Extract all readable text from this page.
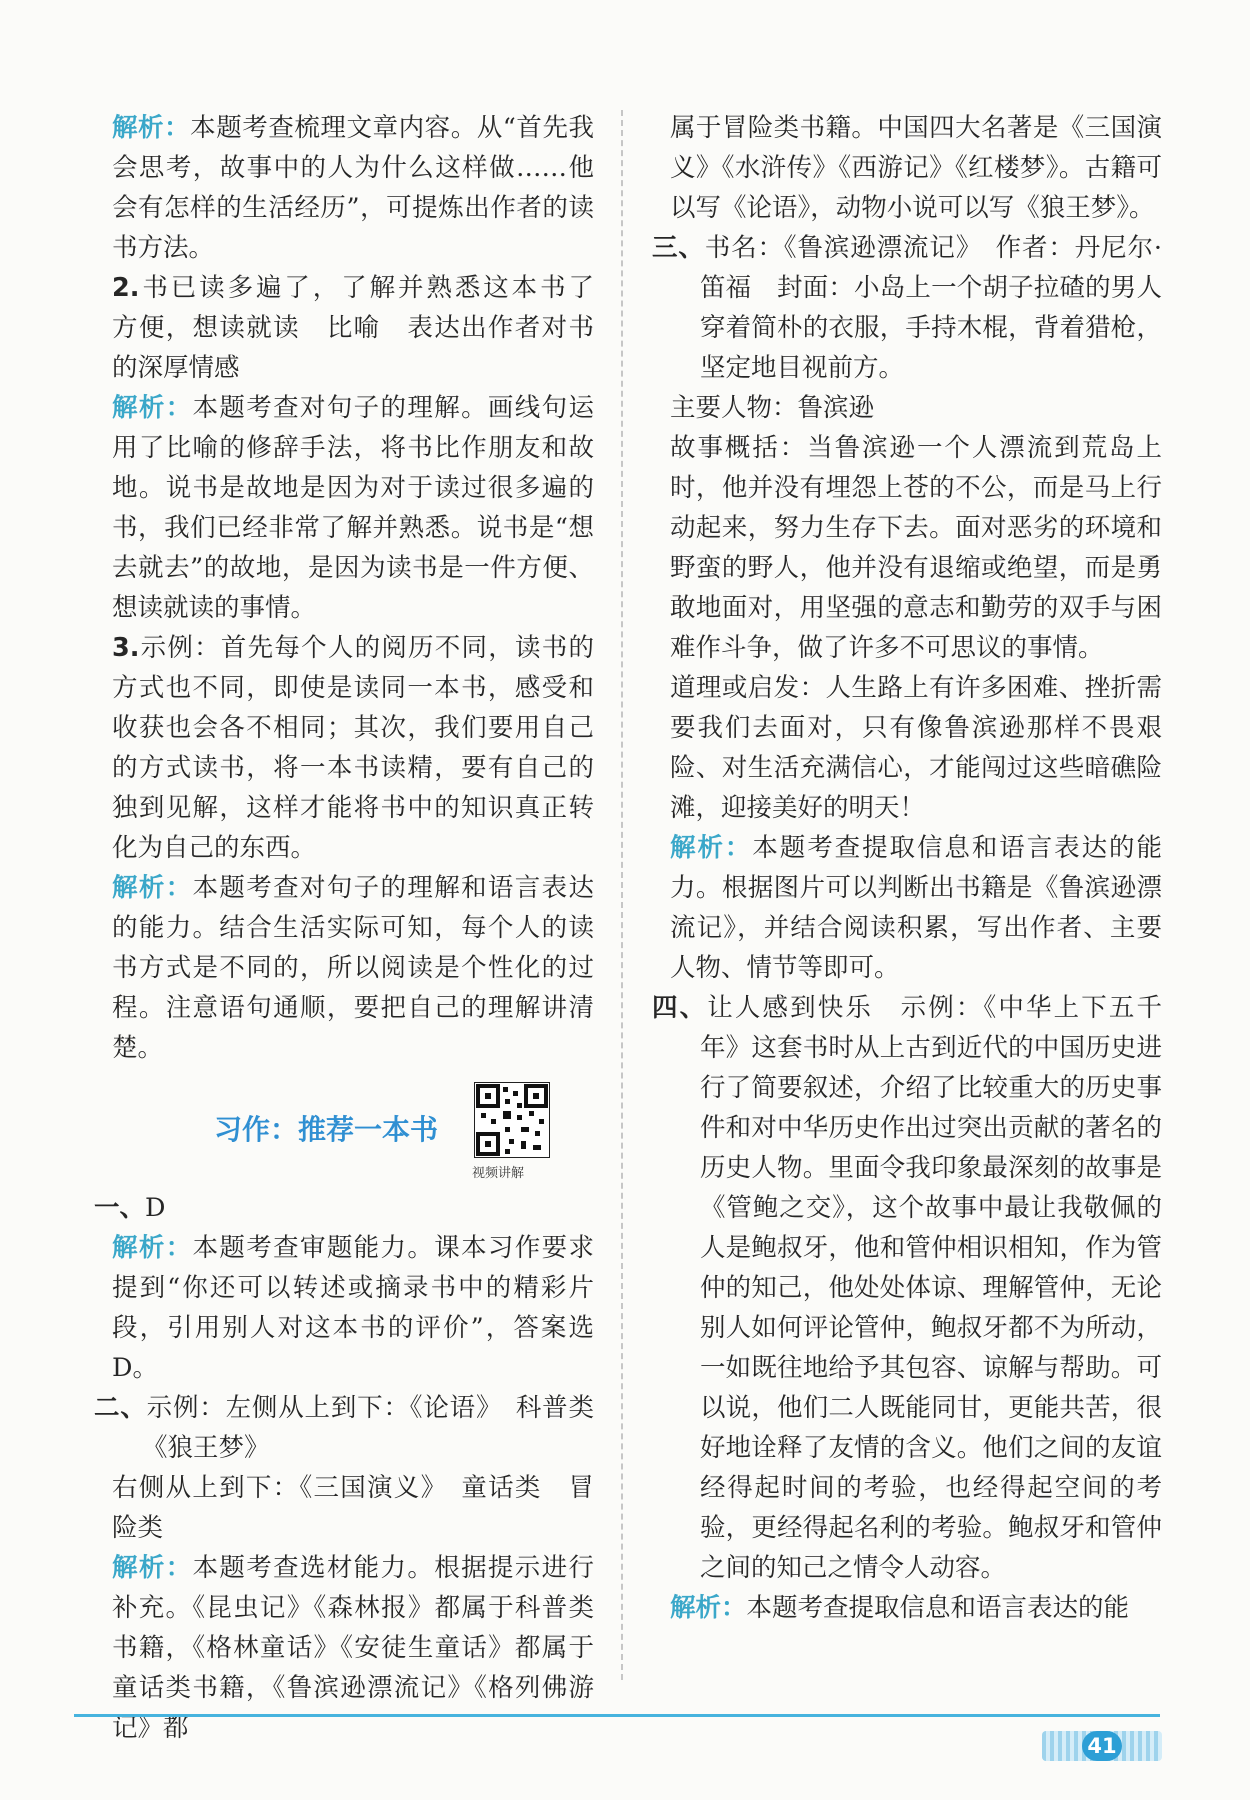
解析：本题考查梳理文章内容。从“首先我会思考，故事中的人为什么这样做……他会有怎样的生活经历”，可提炼出作者的读书方法。

2.书已读多遍了，了解并熟悉这本书了　方便，想读就读　比喻　表达出作者对书的深厚情感

解析：本题考查对句子的理解。画线句运用了比喻的修辞手法，将书比作朋友和故地。说书是故地是因为对于读过很多遍的书，我们已经非常了解并熟悉。说书是“想去就去”的故地，是因为读书是一件方便、想读就读的事情。

3.示例：首先每个人的阅历不同，读书的方式也不同，即使是读同一本书，感受和收获也会各不相同；其次，我们要用自己的方式读书，将一本书读精，要有自己的独到见解，这样才能将书中的知识真正转化为自己的东西。

解析：本题考查对句子的理解和语言表达的能力。结合生活实际可知，每个人的读书方式是不同的，所以阅读是个性化的过程。注意语句通顺，要把自己的理解讲清楚。

习作：推荐一本书
视频讲解

一、D

解析：本题考查审题能力。课本习作要求提到“你还可以转述或摘录书中的精彩片段，引用别人对这本书的评价”，答案选 D。

二、示例：左侧从上到下：《论语》　科普类　《狼王梦》

右侧从上到下：《三国演义》　童话类　冒险类

解析：本题考查选材能力。根据提示进行补充。《昆虫记》《森林报》都属于科普类书籍，《格林童话》《安徒生童话》都属于童话类书籍，《鲁滨逊漂流记》《格列佛游记》都

属于冒险类书籍。中国四大名著是《三国演义》《水浒传》《西游记》《红楼梦》。古籍可以写《论语》，动物小说可以写《狼王梦》。

三、书名：《鲁滨逊漂流记》　作者：丹尼尔·笛福　封面：小岛上一个胡子拉碴的男人穿着简朴的衣服，手持木棍，背着猎枪，坚定地目视前方。

主要人物：鲁滨逊

故事概括：当鲁滨逊一个人漂流到荒岛上时，他并没有埋怨上苍的不公，而是马上行动起来，努力生存下去。面对恶劣的环境和野蛮的野人，他并没有退缩或绝望，而是勇敢地面对，用坚强的意志和勤劳的双手与困难作斗争，做了许多不可思议的事情。

道理或启发：人生路上有许多困难、挫折需要我们去面对，只有像鲁滨逊那样不畏艰险、对生活充满信心，才能闯过这些暗礁险滩，迎接美好的明天！

解析：本题考查提取信息和语言表达的能力。根据图片可以判断出书籍是《鲁滨逊漂流记》，并结合阅读积累，写出作者、主要人物、情节等即可。

四、让人感到快乐　示例：《中华上下五千年》这套书时从上古到近代的中国历史进行了简要叙述，介绍了比较重大的历史事件和对中华历史作出过突出贡献的著名的历史人物。里面令我印象最深刻的故事是《管鲍之交》，这个故事中最让我敬佩的人是鲍叔牙，他和管仲相识相知，作为管仲的知己，他处处体谅、理解管仲，无论别人如何评论管仲，鲍叔牙都不为所动，一如既往地给予其包容、谅解与帮助。可以说，他们二人既能同甘，更能共苦，很好地诠释了友情的含义。他们之间的友谊经得起时间的考验，也经得起空间的考验，更经得起名利的考验。鲍叔牙和管仲之间的知己之情令人动容。

解析：本题考查提取信息和语言表达的能

41
